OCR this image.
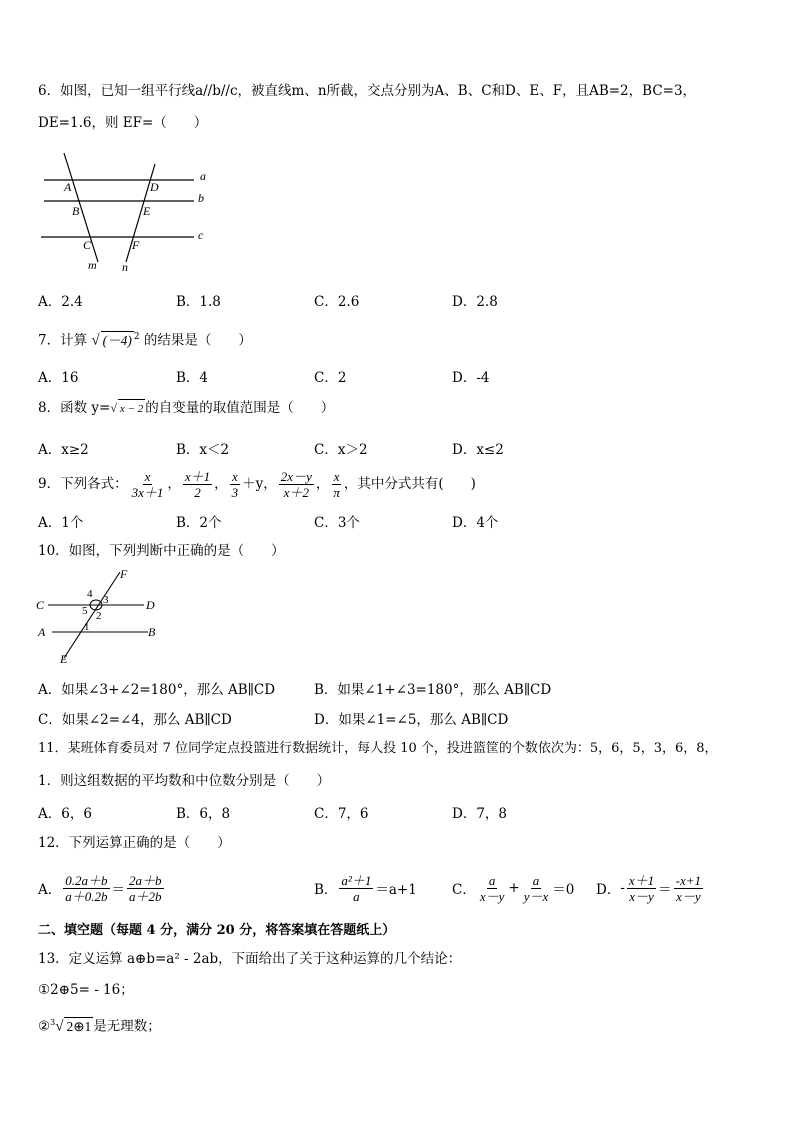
6．如图，已知一组平行线a//b//c，被直线m、n所截，交点分别为A、B、C和D、E、F，且AB=2，BC=3，
DE=1.6，则 EF=（　　）
a
b
c
m n
A
B
C
D
E
F
A．2.4	B．1.8	C．2.6	D．2.8
7．计算 √ (－4) $^2$ 的结果是（　　）
A．16	B．4	C．2	D．-4
8．函数 y=√ x − 2 的自变量的取值范围是（　　）
A．x≥2	B．x＜2	C．x＞2	D．x≤2
9．下列各式： $\frac{x}{3x+1}$ ， $\frac{x+1}{2}$ ， $\frac{x}{3} +y$， $\frac{2x-y}{x+2}$ ， $\frac{x}{\pi}$ ，其中分式共有(　　)
A．1个	B．2个	C．3个	D．4个
10．如图，下列判断中正确的是（　　）
C	D
A	B
E
F
4 3
5 2
1
A．如果∠3+∠2=180°，那么 AB∥CD	B．如果∠1+∠3=180°，那么 AB∥CD
C．如果∠2=∠4，那么 AB∥CD	D．如果∠1=∠5，那么 AB∥CD
11．某班体育委员对 7 位同学定点投篮进行数据统计，每人投 10 个，投进篮筐的个数依次为：5，6，5，3，6，8，
1．则这组数据的平均数和中位数分别是（　　）
A．6，6	B．6，8	C．7，6	D．7，8
12．下列运算正确的是（　　）
A． $\frac{0.2a+b}{a+0.2b} = \frac{2a+b}{a+2b}$	B． $\frac{\text{a²＋1}}{a} =a+1$	C． $\frac{a}{x-y} + \frac{a}{y-x} =0$ D． - $\frac{x+1}{x-y} = \frac{-x+1}{x-y}$
二、填空题（每题 4 分，满分 20 分，将答案填在答题纸上）
13．定义运算 a⊕b=a² - 2ab，下面给出了关于这种运算的几个结论：
①2⊕5= - 16；
②$^3$√ 2⊕1 是无理数；
